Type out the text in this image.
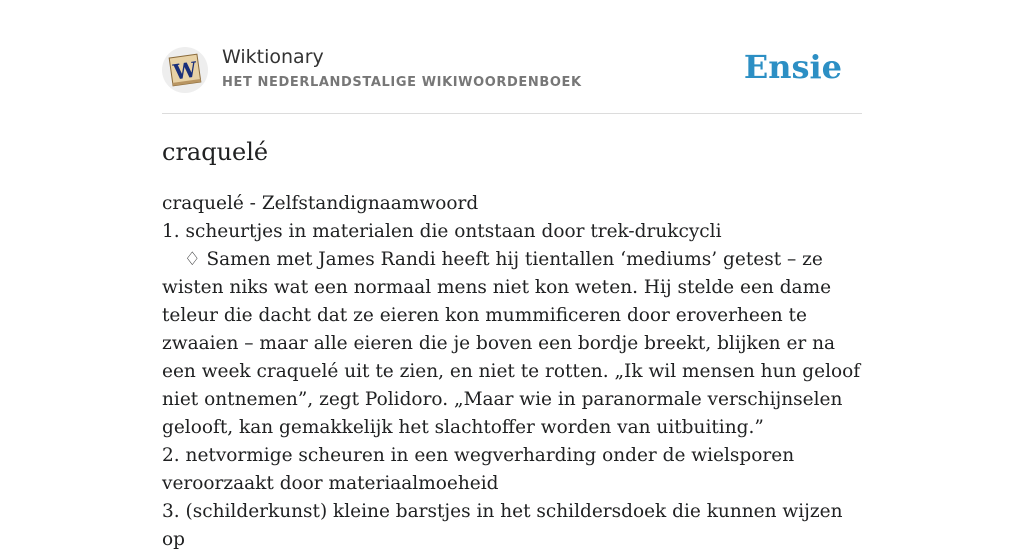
W Wiktionary
HET NEDERLANDSTALIGE WIKIWOORDENBOEK	Ensie
craquelé

craquelé - Zelfstandignaamwoord

1. scheurtjes in materialen die ontstaan door trek-drukcycli

♢ Samen met James Randi heeft hij tientallen ‘mediums’ getest – ze wisten niks wat een normaal mens niet kon weten. Hij stelde een dame teleur die dacht dat ze eieren kon mummificeren door eroverheen te zwaaien – maar alle eieren die je boven een bordje breekt, blijken er na een week craquelé uit te zien, en niet te rotten. „Ik wil mensen hun geloof niet ontnemen”, zegt Polidoro. „Maar wie in paranormale verschijnselen gelooft, kan gemakkelijk het slachtoffer worden van uitbuiting.”

2. netvormige scheuren in een wegverharding onder de wielsporen veroorzaakt door materiaalmoeheid

3. (schilderkunst) kleine barstjes in het schildersdoek die kunnen wijzen op
